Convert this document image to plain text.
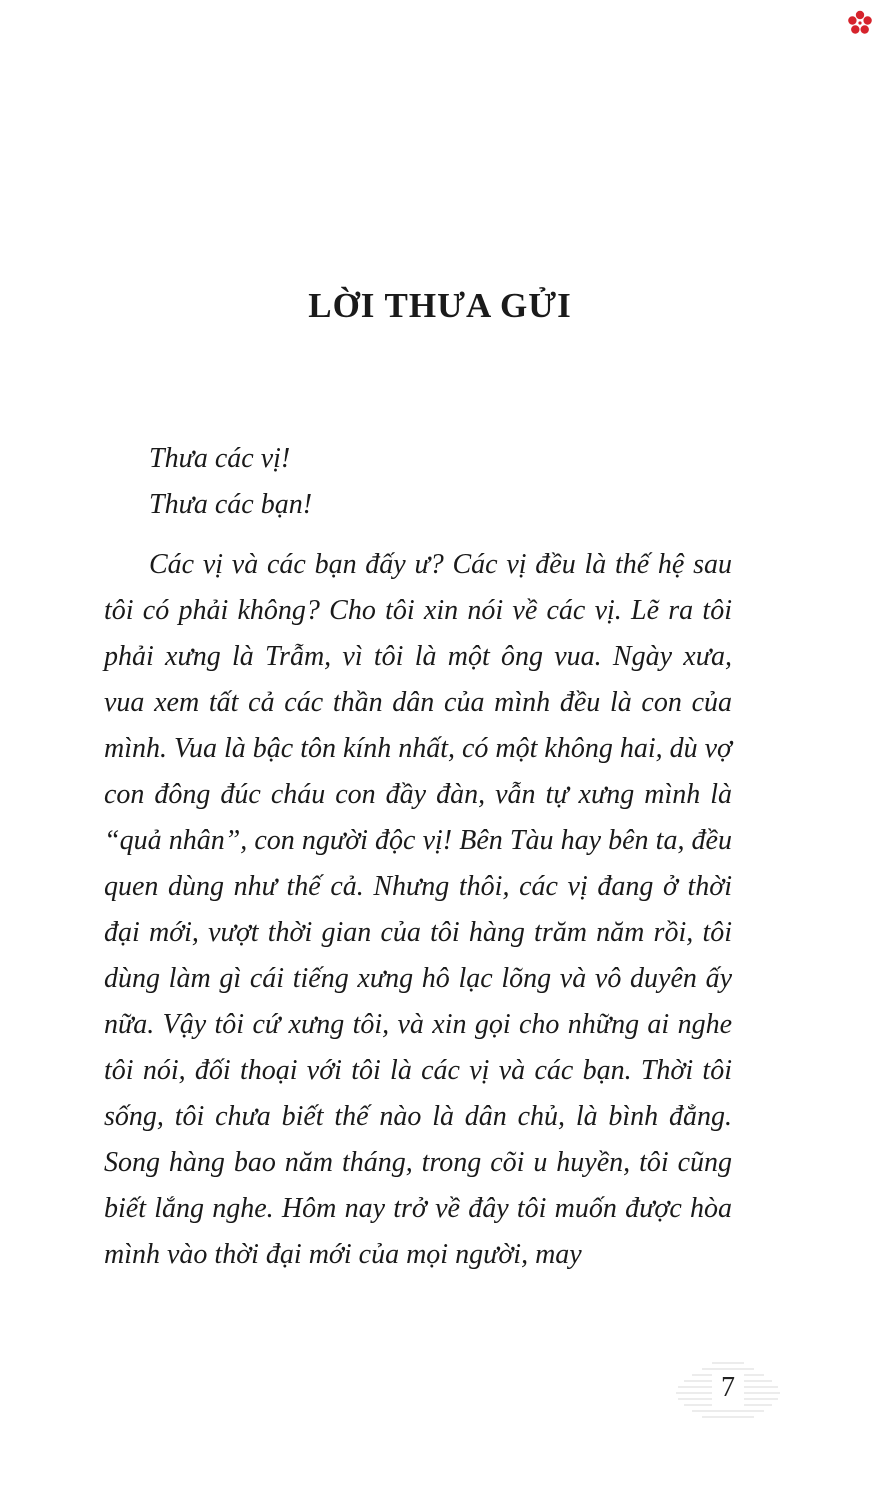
LỜI THƯA GỬI

Thưa các vị!

Thưa các bạn!

Các vị và các bạn đấy ư? Các vị đều là thế hệ sau tôi có phải không? Cho tôi xin nói về các vị. Lẽ ra tôi phải xưng là Trẫm, vì tôi là một ông vua. Ngày xưa, vua xem tất cả các thần dân của mình đều là con của mình. Vua là bậc tôn kính nhất, có một không hai, dù vợ con đông đúc cháu con đầy đàn, vẫn tự xưng mình là “quả nhân”, con người độc vị! Bên Tàu hay bên ta, đều quen dùng như thế cả. Nhưng thôi, các vị đang ở thời đại mới, vượt thời gian của tôi hàng trăm năm rồi, tôi dùng làm gì cái tiếng xưng hô lạc lõng và vô duyên ấy nữa. Vậy tôi cứ xưng tôi, và xin gọi cho những ai nghe tôi nói, đối thoại với tôi là các vị và các bạn. Thời tôi sống, tôi chưa biết thế nào là dân chủ, là bình đẳng. Song hàng bao năm tháng, trong cõi u huyền, tôi cũng biết lắng nghe. Hôm nay trở về đây tôi muốn được hòa mình vào thời đại mới của mọi người, may

7
